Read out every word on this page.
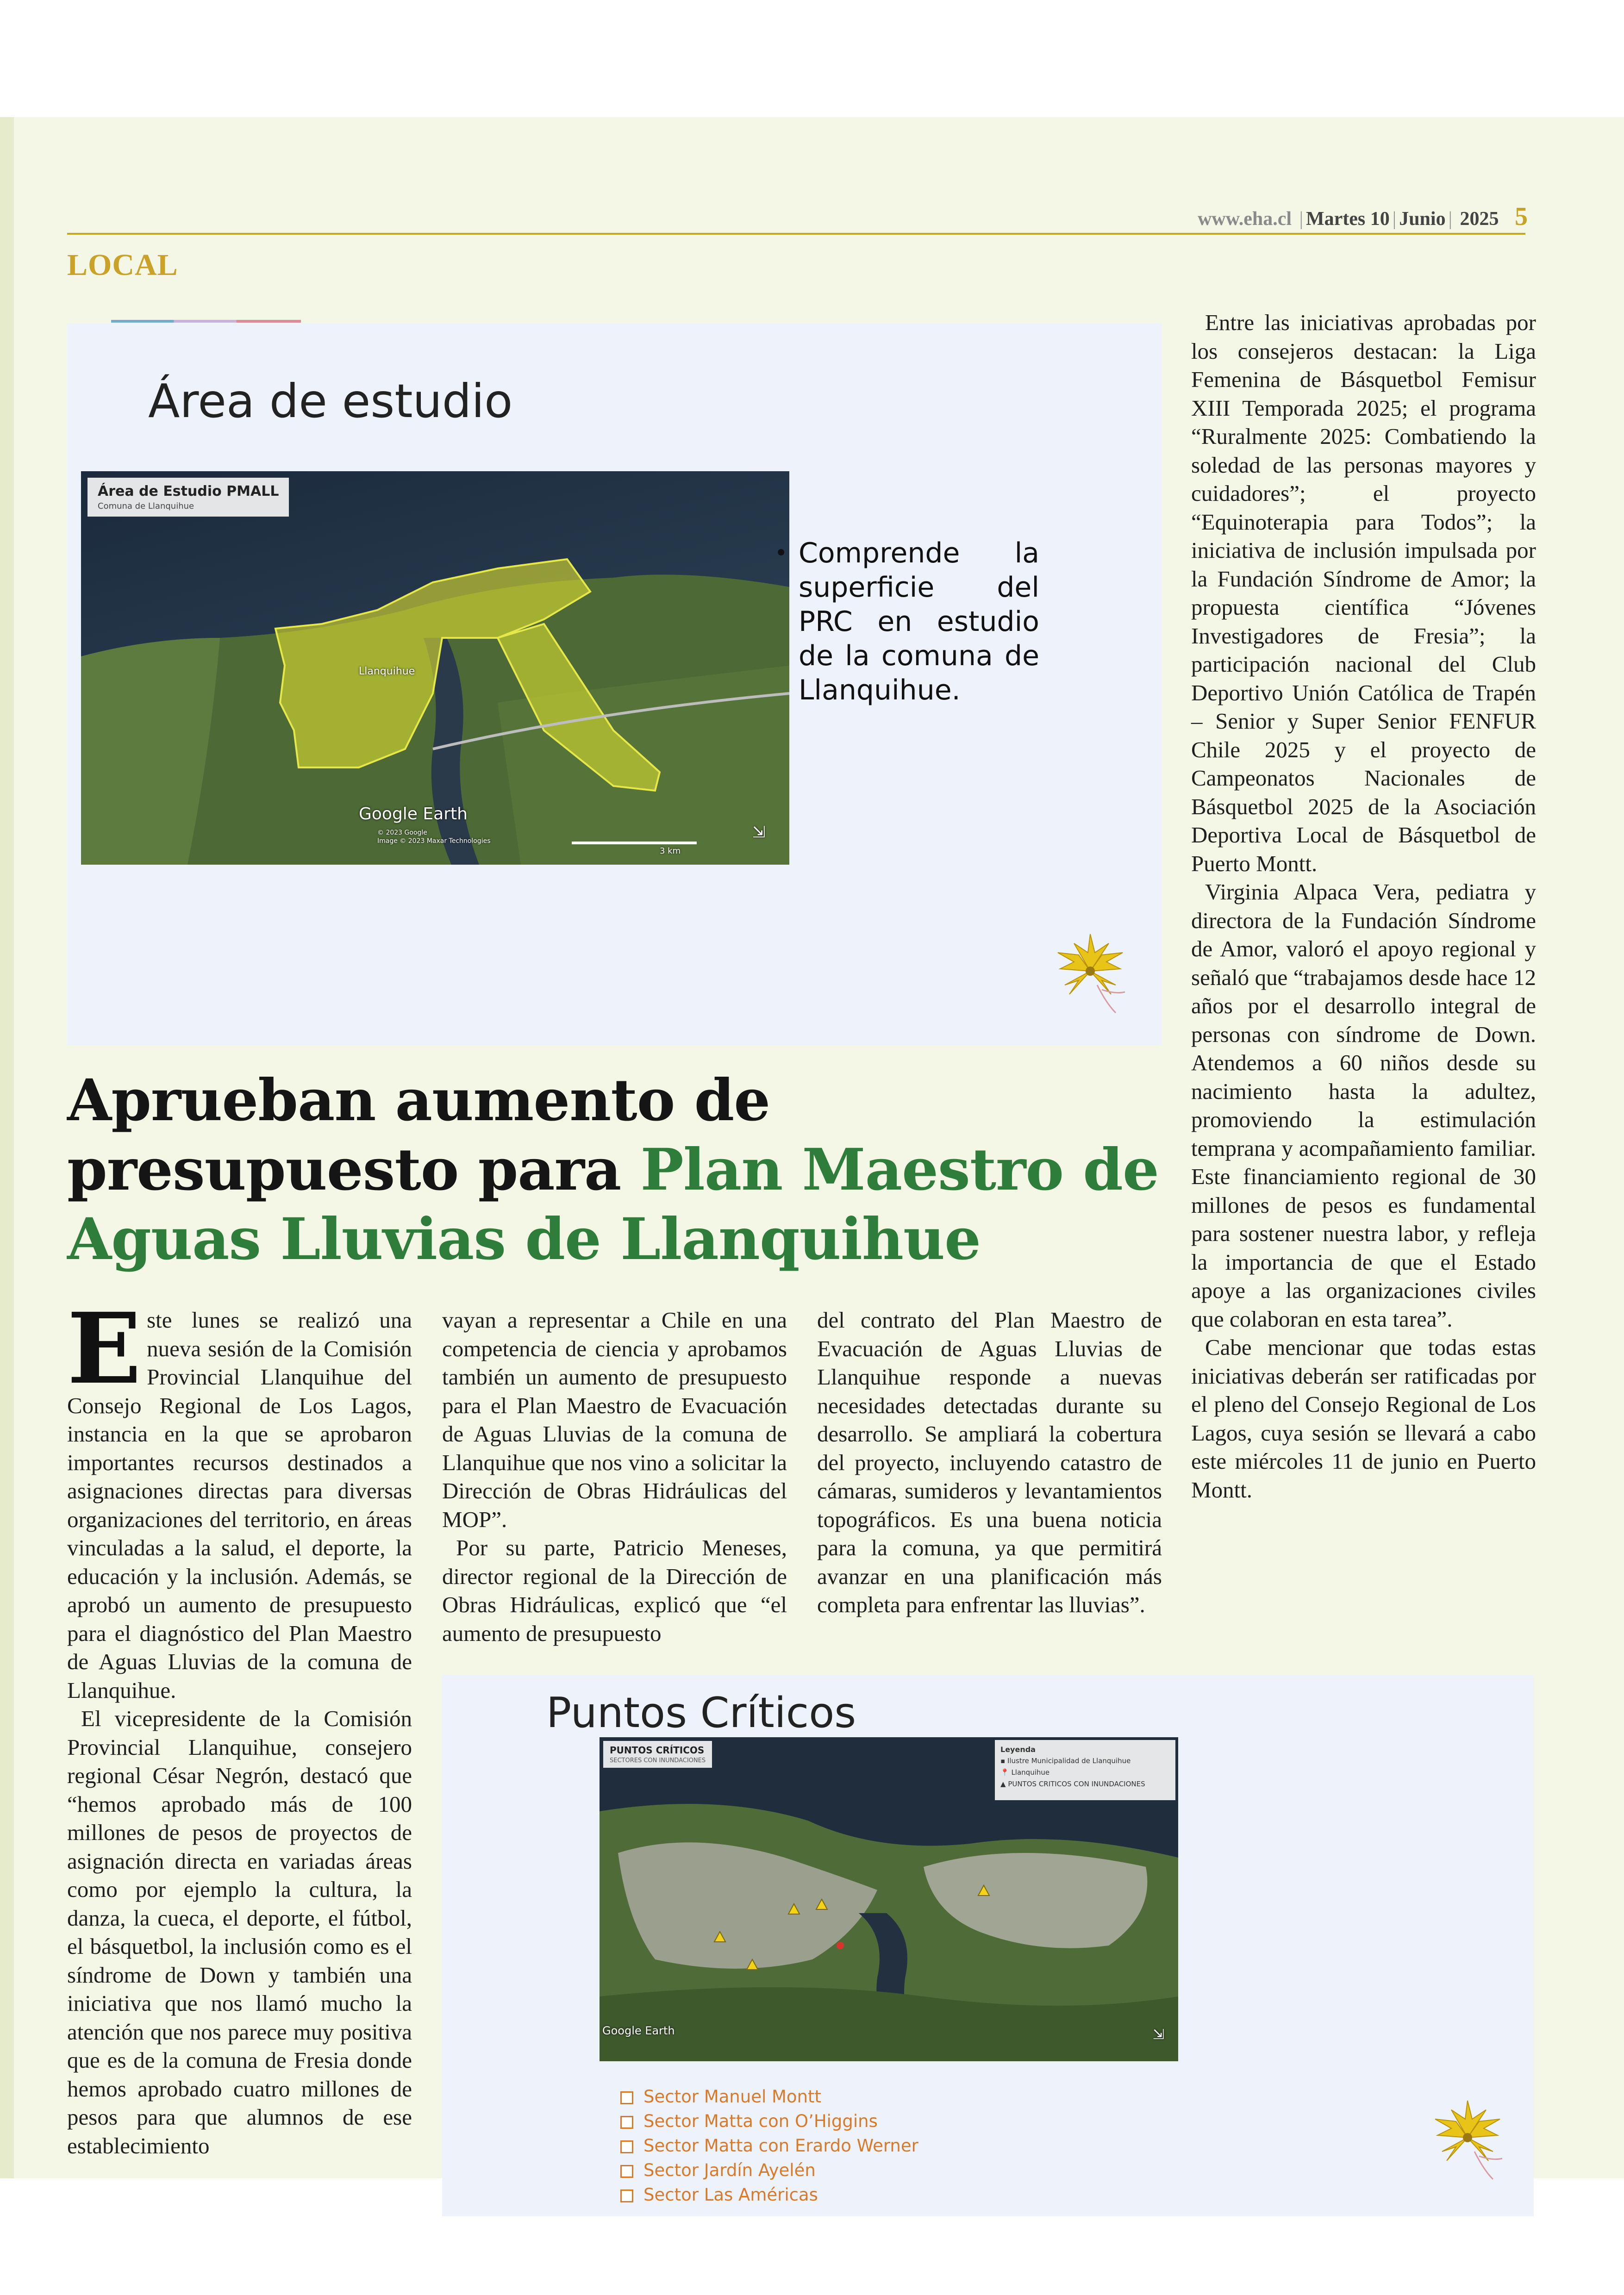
www.eha.cl | Martes 10 | Junio | 2025 5
LOCAL
Área de estudio
Área de Estudio PMALL
Comuna de Llanquihue
Llanquihue
Google Earth
© 2023 Google
Image © 2023 Maxar Technologies
3 km
⇲
• Comprende la superficie del PRC en estudio de la comuna de Llanquihue.
Aprueban aumento de presupuesto para Plan Maestro de Aguas Lluvias de Llanquihue
E ste lunes se realizó una nueva sesión de la Comisión Provincial Llanquihue del Consejo Regional de Los Lagos, instancia en la que se aprobaron importantes recursos destinados a asignaciones directas para diversas organizaciones del territorio, en áreas vinculadas a la salud, el deporte, la educación y la inclusión. Además, se aprobó un aumento de presupuesto para el diagnóstico del Plan Maestro de Aguas Lluvias de la comuna de Llanquihue.

El vicepresidente de la Comisión Provincial Llanquihue, consejero regional César Negrón, destacó que “hemos aprobado más de 100 millones de pesos de proyectos de asignación directa en variadas áreas como por ejemplo la cultura, la danza, la cueca, el deporte, el fútbol, el básquetbol, la inclusión como es el síndrome de Down y también una iniciativa que nos llamó mucho la atención que nos parece muy positiva que es de la comuna de Fresia donde hemos aprobado cuatro millones de pesos para que alumnos de ese establecimiento

vayan a representar a Chile en una competencia de ciencia y aprobamos también un aumento de presupuesto para el Plan Maestro de Evacuación de Aguas Lluvias de la comuna de Llanquihue que nos vino a solicitar la Dirección de Obras Hidráulicas del MOP”.

Por su parte, Patricio Meneses, director regional de la Dirección de Obras Hidráulicas, explicó que “el aumento de presupuesto

del contrato del Plan Maestro de Evacuación de Aguas Lluvias de Llanquihue responde a nuevas necesidades detectadas durante su desarrollo. Se ampliará la cobertura del proyecto, incluyendo catastro de cámaras, sumideros y levantamientos topográficos. Es una buena noticia para la comuna, ya que permitirá avanzar en una planificación más completa para enfrentar las lluvias”.

Entre las iniciativas aprobadas por los consejeros destacan: la Liga Femenina de Básquetbol Femisur XIII Temporada 2025; el programa “Ruralmente 2025: Combatiendo la soledad de las personas mayores y cuidadores”; el proyecto “Equinoterapia para Todos”; la iniciativa de inclusión impulsada por la Fundación Síndrome de Amor; la propuesta científica “Jóvenes Investigadores de Fresia”; la participación nacional del Club Deportivo Unión Católica de Trapén – Senior y Super Senior FENFUR Chile 2025 y el proyecto de Campeonatos Nacionales de Básquetbol 2025 de la Asociación Deportiva Local de Básquetbol de Puerto Montt.

Virginia Alpaca Vera, pediatra y directora de la Fundación Síndrome de Amor, valoró el apoyo regional y señaló que “trabajamos desde hace 12 años por el desarrollo integral de personas con síndrome de Down. Atendemos a 60 niños desde su nacimiento hasta la adultez, promoviendo la estimulación temprana y acompañamiento familiar. Este financiamiento regional de 30 millones de pesos es fundamental para sostener nuestra labor, y refleja la importancia de que el Estado apoye a las organizaciones civiles que colaboran en esta tarea”.

Cabe mencionar que todas estas iniciativas deberán ser ratificadas por el pleno del Consejo Regional de Los Lagos, cuya sesión se llevará a cabo este miércoles 11 de junio en Puerto Montt.

Puntos Críticos
PUNTOS CRÍTICOS
SECTORES CON INUNDACIONES
Leyenda
▪ Ilustre Municipalidad de Llanquihue
📍 Llanquihue
▲ PUNTOS CRITICOS CON INUNDACIONES
Google Earth	⇲
Sector Manuel Montt
Sector Matta con O’Higgins
Sector Matta con Erardo Werner
Sector Jardín Ayelén
Sector Las Américas
